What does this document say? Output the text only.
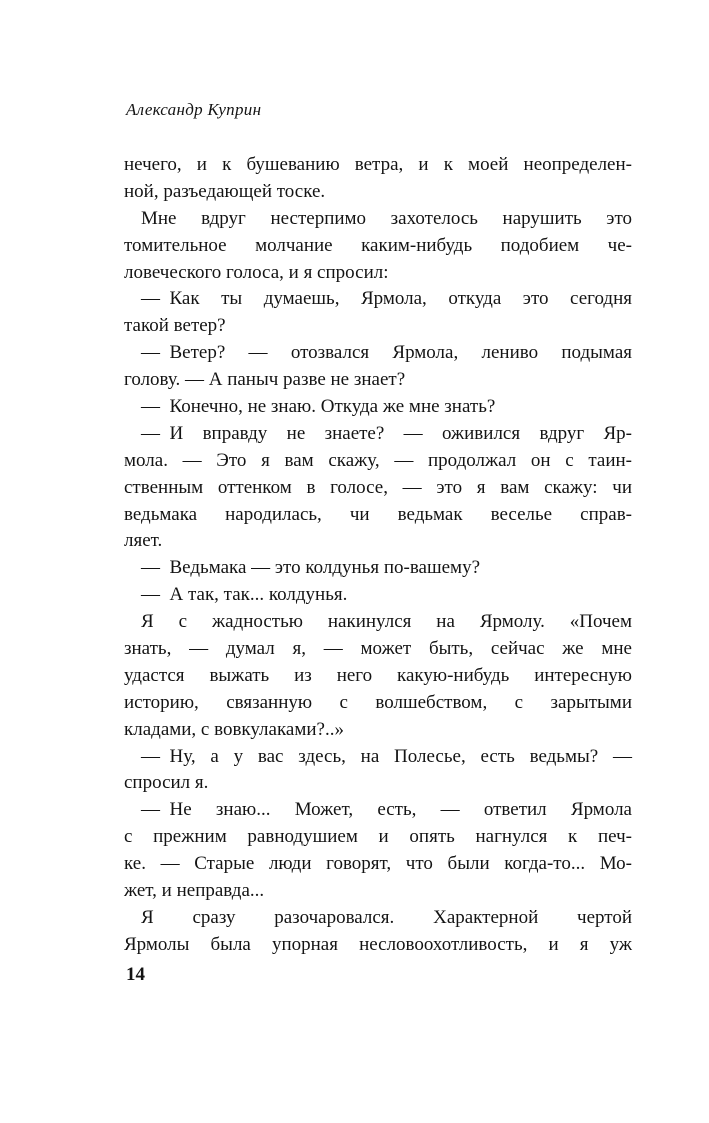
Александр Куприн
нечего, и к бушеванию ветра, и к моей неопределен-
ной, разъедающей тоске.
Мне вдруг нестерпимо захотелось нарушить это
томительное молчание каким-нибудь подобием че-
ловеческого голоса, и я спросил:
— Как ты думаешь, Ярмола, откуда это сегодня
такой ветер?
— Ветер? — отозвался Ярмола, лениво подымая
голову. — А паныч разве не знает?
— Конечно, не знаю. Откуда же мне знать?
— И вправду не знаете? — оживился вдруг Яр-
мола. — Это я вам скажу, — продолжал он с таин-
ственным оттенком в голосе, — это я вам скажу: чи
ведьмака народилась, чи ведьмак веселье справ-
ляет.
— Ведьмака — это колдунья по-вашему?
— А так, так... колдунья.
Я с жадностью накинулся на Ярмолу. «Почем
знать, — думал я, — может быть, сейчас же мне
удастся выжать из него какую-нибудь интересную
историю, связанную с волшебством, с зарытыми
кладами, с вовкулаками?..»
— Ну, а у вас здесь, на Полесье, есть ведьмы? —
спросил я.
— Не знаю... Может, есть, — ответил Ярмола
с прежним равнодушием и опять нагнулся к печ-
ке. — Старые люди говорят, что были когда-то... Мо-
жет, и неправда...
Я сразу разочаровался. Характерной чертой
Ярмолы была упорная несловоохотливость, и я уж
14
